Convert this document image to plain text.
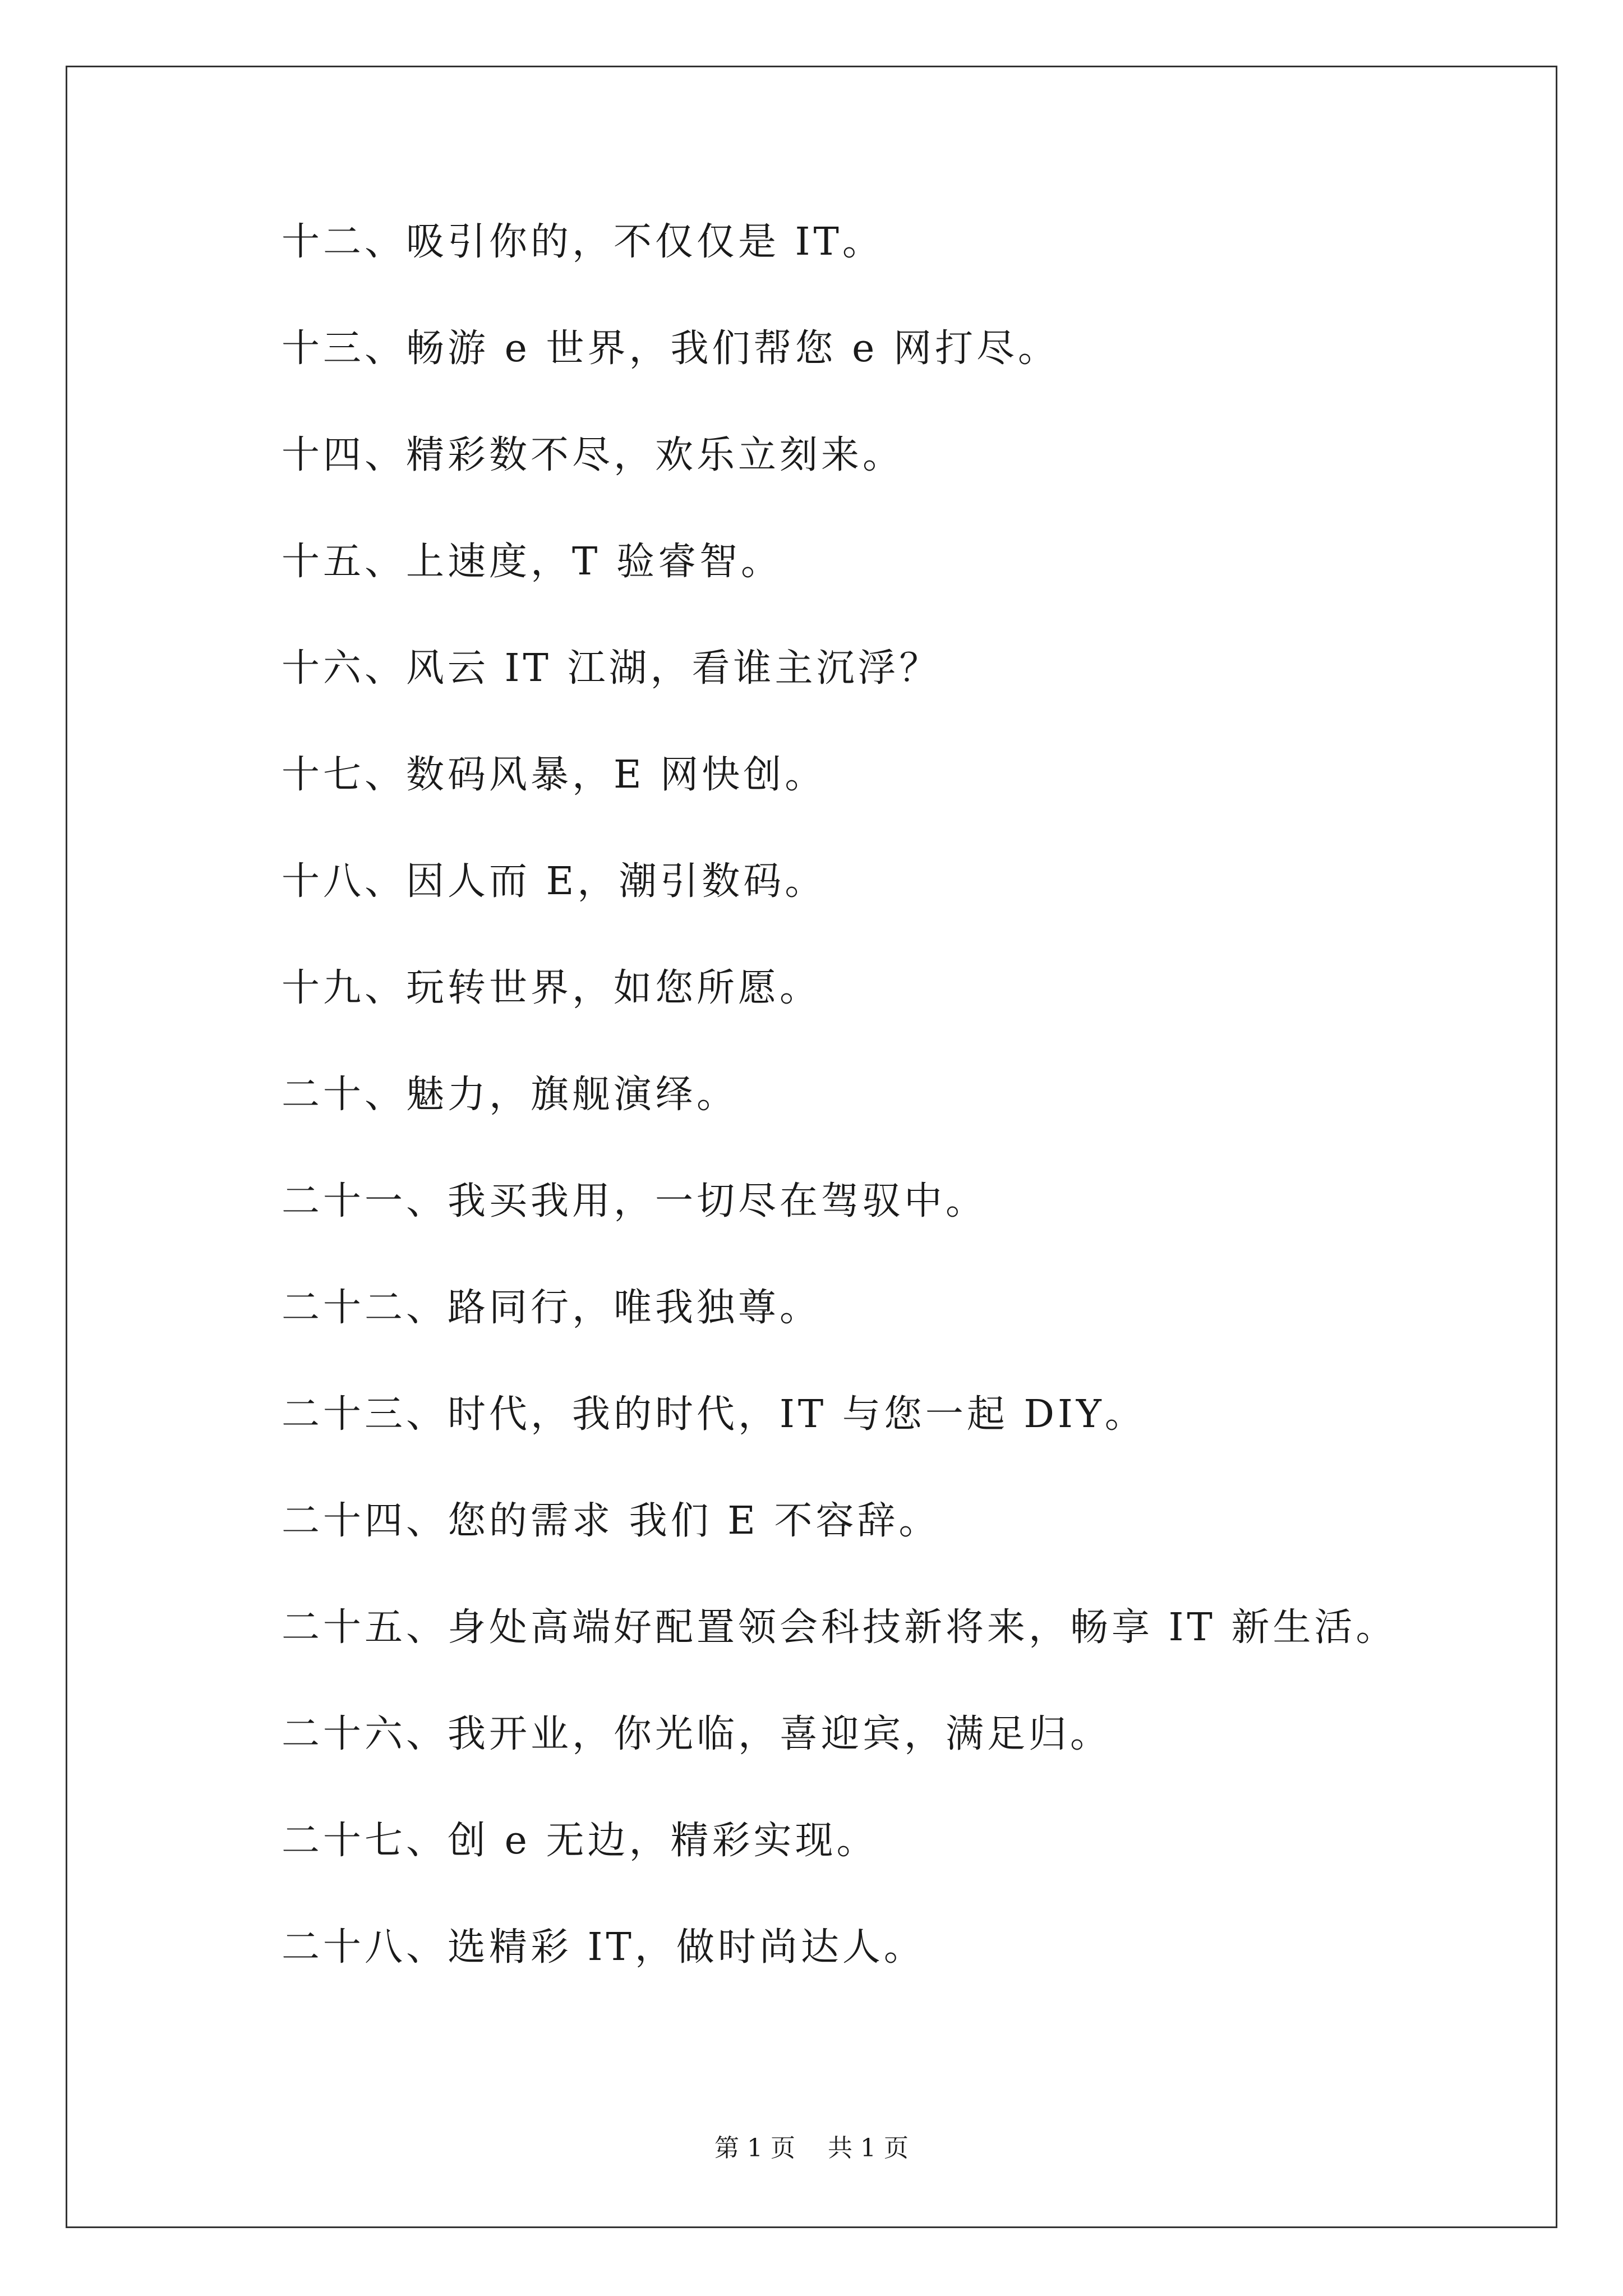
十二、吸引你的，不仅仅是 IT。
十三、畅游 e 世界，我们帮您 e 网打尽。
十四、精彩数不尽，欢乐立刻来。
十五、上速度，T 验睿智。
十六、风云 IT 江湖，看谁主沉浮？
十七、数码风暴，E 网快创。
十八、因人而 E，潮引数码。
十九、玩转世界，如您所愿。
二十、魅力，旗舰演绎。
二十一、我买我用，一切尽在驾驭中。
二十二、路同行，唯我独尊。
二十三、时代，我的时代，IT 与您一起 DIY。
二十四、您的需求 我们 E 不容辞。
二十五、身处高端好配置领会科技新将来，畅享 IT 新生活。
二十六、我开业，你光临，喜迎宾，满足归。
二十七、创 e 无边，精彩实现。
二十八、选精彩 IT，做时尚达人。
第 1 页 共 1 页
